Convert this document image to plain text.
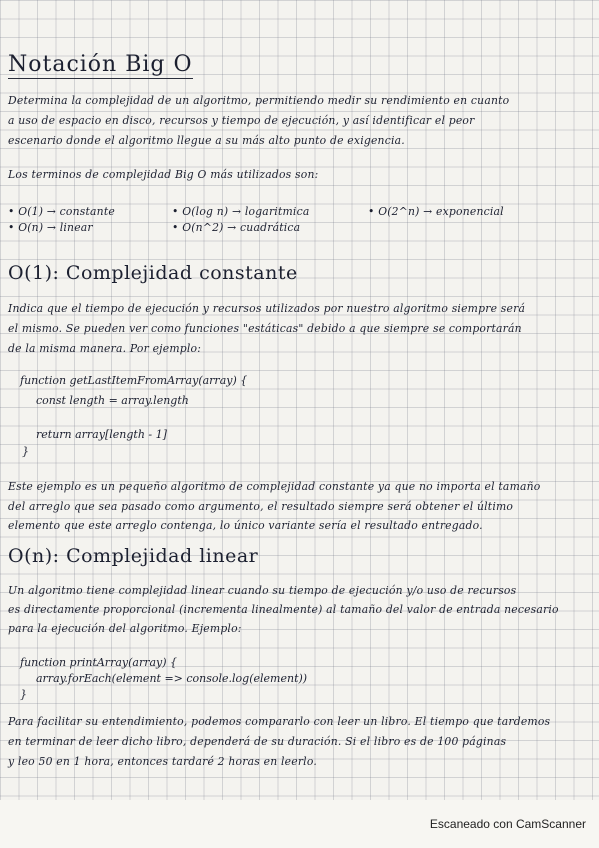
Notación Big O
Determina la complejidad de un algoritmo, permitiendo medir su rendimiento en cuanto
a uso de espacio en disco, recursos y tiempo de ejecución, y así identificar el peor
escenario donde el algoritmo llegue a su más alto punto de exigencia.
Los terminos de complejidad Big O más utilizados son:
• O(1) → constante
• O(n) → linear
• O(log n) → logaritmica
• O(n^2) → cuadrática
• O(2^n) → exponencial
O(1): Complejidad constante
Indica que el tiempo de ejecución y recursos utilizados por nuestro algoritmo siempre será
el mismo. Se pueden ver como funciones "estáticas" debido a que siempre se comportarán
de la misma manera. Por ejemplo:
function getLastItemFromArray(array) {
const length = array.length
return array[length - 1]
}
Este ejemplo es un pequeño algoritmo de complejidad constante ya que no importa el tamaño
del arreglo que sea pasado como argumento, el resultado siempre será obtener el último
elemento que este arreglo contenga, lo único variante sería el resultado entregado.
O(n): Complejidad linear
Un algoritmo tiene complejidad linear cuando su tiempo de ejecución y/o uso de recursos
es directamente proporcional (incrementa linealmente) al tamaño del valor de entrada necesario
para la ejecución del algoritmo. Ejemplo:
function printArray(array) {
array.forEach(element => console.log(element))
}
Para facilitar su entendimiento, podemos compararlo con leer un libro. El tiempo que tardemos
en terminar de leer dicho libro, dependerá de su duración. Si el libro es de 100 páginas
y leo 50 en 1 hora, entonces tardaré 2 horas en leerlo.
Escaneado con CamScanner
